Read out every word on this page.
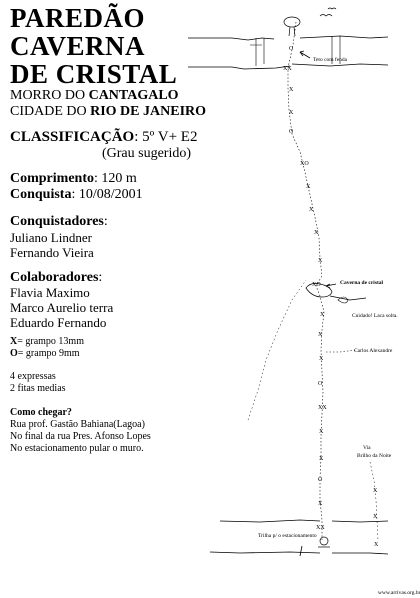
PAREDÃO
CAVERNA
DE CRISTAL
MORRO DO CANTAGALO
CIDADE DO RIO DE JANEIRO
CLASSIFICAÇÃO: 5º V+ E2
(Grau sugerido)
Comprimento: 120 m
Conquista: 10/08/2001
Conquistadores:
Juliano Lindner
Fernando Vieira
Colaboradores:
Flavia Maximo
Marco Aurelio terra
Eduardo Fernando
X= grampo 13mm
O= grampo 9mm
4 expressas
2 fitas medias
Como chegar?
Rua prof. Gastão Bahiana(Lagoa)
No final da rua Pres. Afonso Lopes
No estacionamento pular o muro.
XX
X
O
X
O
XO
X
X
X
X
XO
X
X
X
O
XX
X
X
O
X
XX
X
X
X
Teto com fenda
Caverna de cristal
Cuidado! Laca solta.
Carlos Alexandre
Via
Brilho da Noite
Trilha p/ o estacionamento
www.arrivas.org.br
